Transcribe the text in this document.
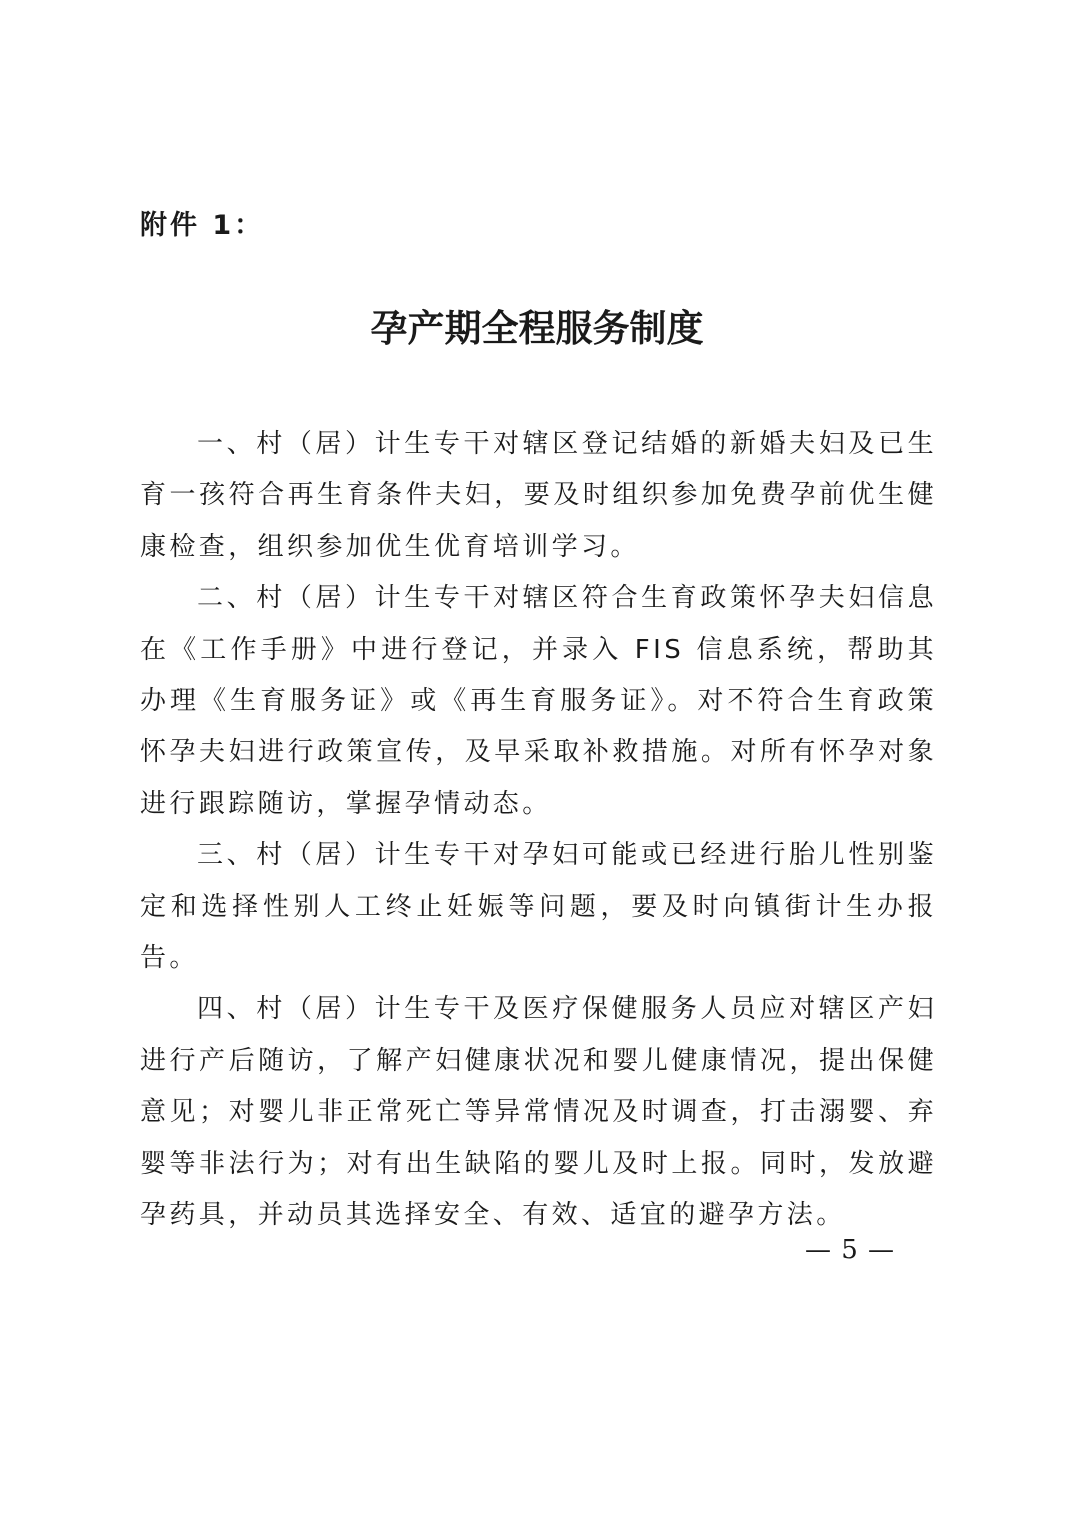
附件 1：
孕产期全程服务制度

一、村（居）计生专干对辖区登记结婚的新婚夫妇及已生育一孩符合再生育条件夫妇，要及时组织参加免费孕前优生健康检查，组织参加优生优育培训学习。

二、村（居）计生专干对辖区符合生育政策怀孕夫妇信息在《工作手册》中进行登记，并录入 FIS 信息系统，帮助其办理《生育服务证》或《再生育服务证》。对不符合生育政策怀孕夫妇进行政策宣传，及早采取补救措施。对所有怀孕对象进行跟踪随访，掌握孕情动态。

三、村（居）计生专干对孕妇可能或已经进行胎儿性别鉴定和选择性别人工终止妊娠等问题，要及时向镇街计生办报告。

四、村（居）计生专干及医疗保健服务人员应对辖区产妇进行产后随访，了解产妇健康状况和婴儿健康情况，提出保健意见；对婴儿非正常死亡等异常情况及时调查，打击溺婴、弃婴等非法行为；对有出生缺陷的婴儿及时上报。同时，发放避孕药具，并动员其选择安全、有效、适宜的避孕方法。

— 5 —
